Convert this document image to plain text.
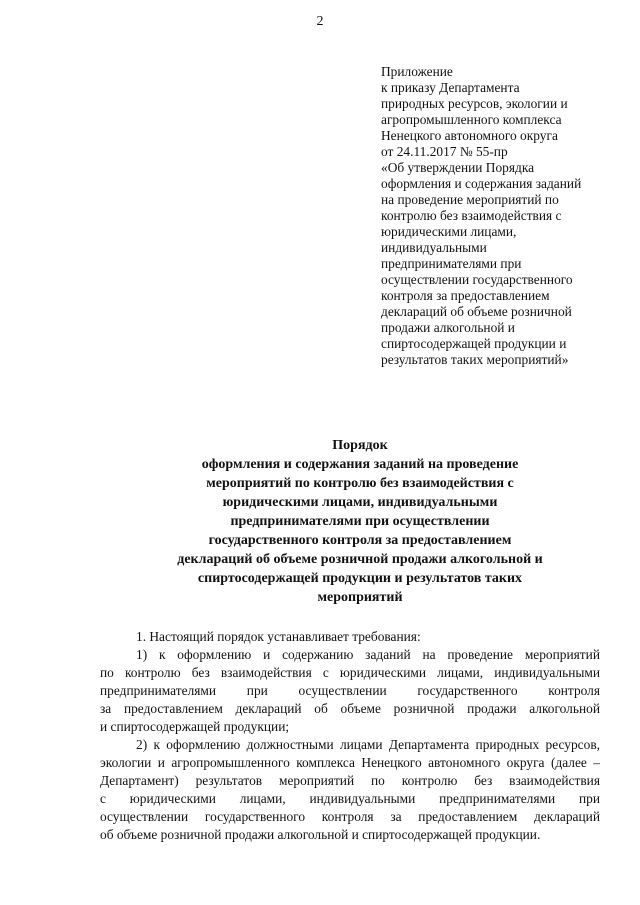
2
Приложение
к приказу Департамента
природных ресурсов, экологии и
агропромышленного комплекса
Ненецкого автономного округа
от 24.11.2017 № 55-пр
«Об утверждении Порядка
оформления и содержания заданий
на проведение мероприятий по
контролю без взаимодействия с
юридическими лицами,
индивидуальными
предпринимателями при
осуществлении государственного
контроля за предоставлением
деклараций об объеме розничной
продажи алкогольной и
спиртосодержащей продукции и
результатов таких мероприятий»
Порядок
оформления и содержания заданий на проведение
мероприятий по контролю без взаимодействия с
юридическими лицами, индивидуальными
предпринимателями при осуществлении
государственного контроля за предоставлением
деклараций об объеме розничной продажи алкогольной и
спиртосодержащей продукции и результатов таких
мероприятий
1. Настоящий порядок устанавливает требования:
1) к оформлению и содержанию заданий на проведение мероприятий
по контролю без взаимодействия с юридическими лицами, индивидуальными
предпринимателями при осуществлении государственного контроля
за предоставлением деклараций об объеме розничной продажи алкогольной
и спиртосодержащей продукции;
2) к оформлению должностными лицами Департамента природных ресурсов,
экологии и агропромышленного комплекса Ненецкого автономного округа (далее –
Департамент) результатов мероприятий по контролю без взаимодействия
с юридическими лицами, индивидуальными предпринимателями при
осуществлении государственного контроля за предоставлением деклараций
об объеме розничной продажи алкогольной и спиртосодержащей продукции.
